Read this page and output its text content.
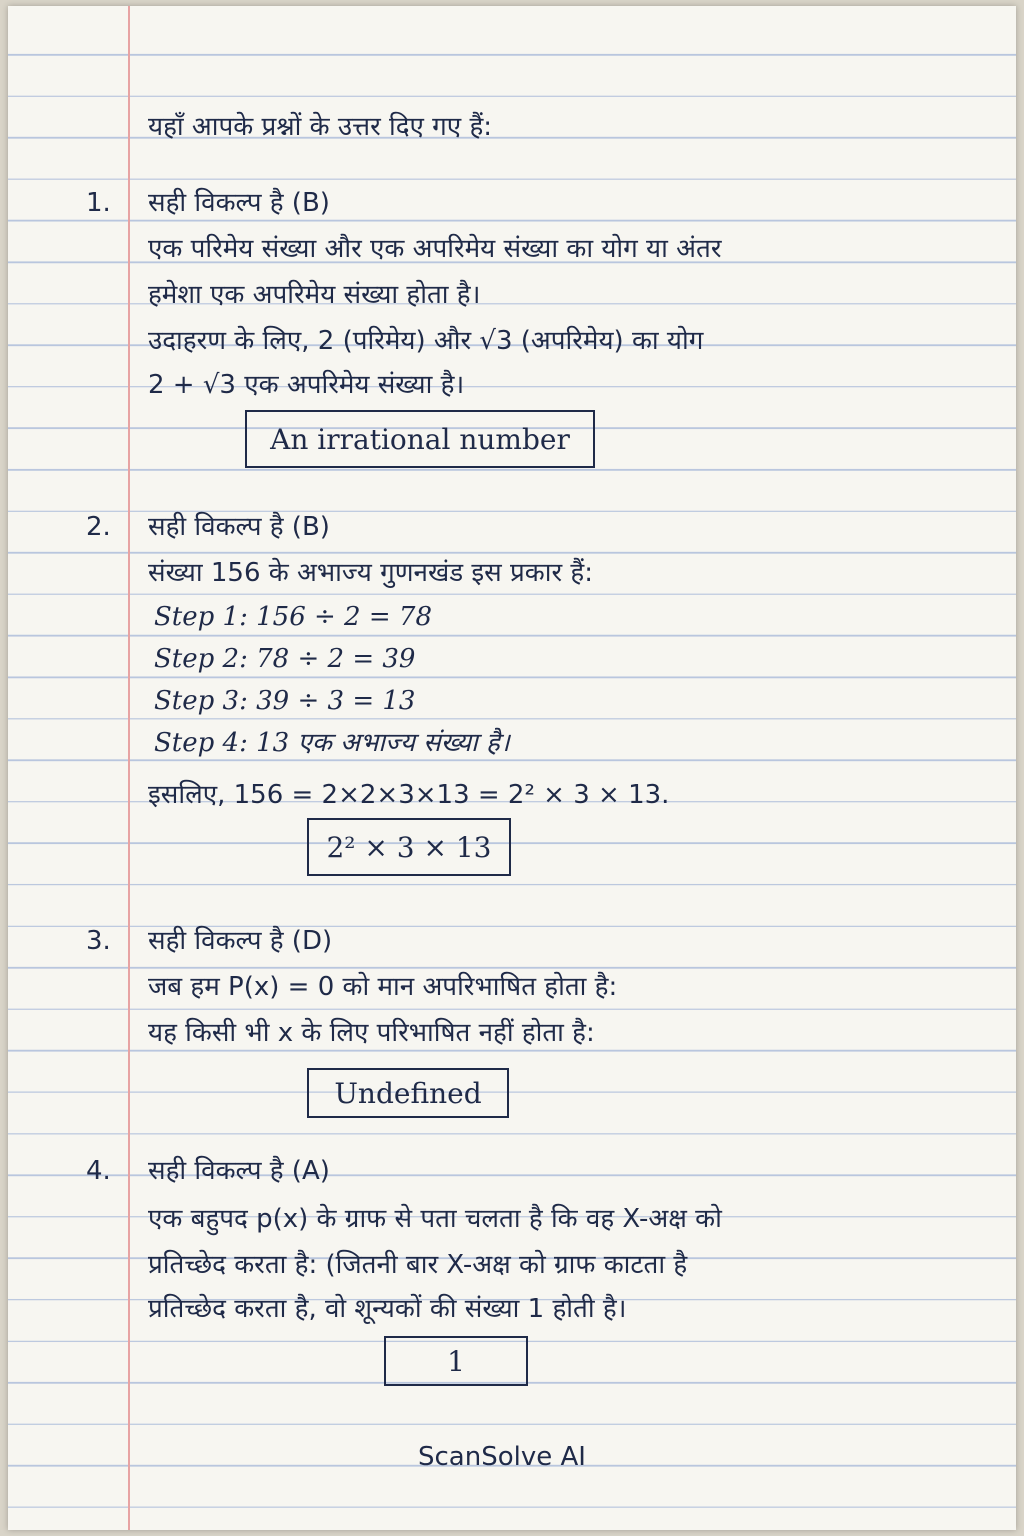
यहाँ आपके प्रश्नों के उत्तर दिए गए हैं:
1. सही विकल्प है (B)
एक परिमेय संख्या और एक अपरिमेय संख्या का योग या अंतर
हमेशा एक अपरिमेय संख्या होता है।
उदाहरण के लिए, 2 (परिमेय) और √3 (अपरिमेय) का योग
2 + √3 एक अपरिमेय संख्या है।
An irrational number
2. सही विकल्प है (B)
संख्या 156 के अभाज्य गुणनखंड इस प्रकार हैं:
Step 1: 156 ÷ 2 = 78
Step 2: 78 ÷ 2 = 39
Step 3: 39 ÷ 3 = 13
Step 4: 13 एक अभाज्य संख्या है।
इसलिए, 156 = 2×2×3×13 = 2² × 3 × 13.
2² × 3 × 13
3. सही विकल्प है (D)
जब हम P(x) = 0 को मान अपरिभाषित होता है:
यह किसी भी x के लिए परिभाषित नहीं होता है:
Undefined
4. सही विकल्प है (A)
एक बहुपद p(x) के ग्राफ से पता चलता है कि वह X-अक्ष को
प्रतिच्छेद करता है: (जितनी बार X-अक्ष को ग्राफ काटता है
प्रतिच्छेद करता है, वो शून्यकों की संख्या 1 होती है।
1
ScanSolve AI
